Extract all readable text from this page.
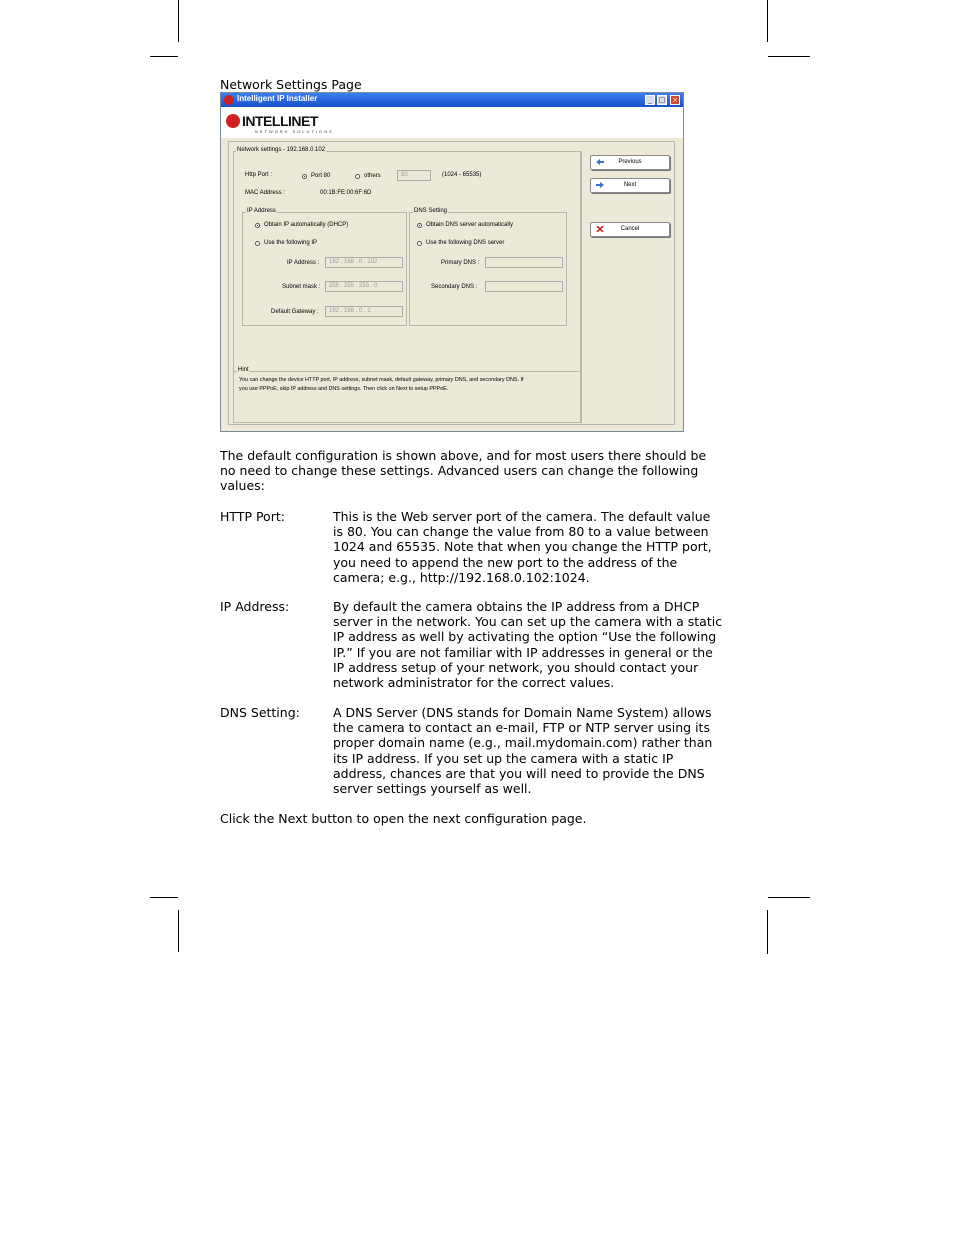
Network Settings Page
Intelligent IP Installer	_ □ ×
INTELLINET
NETWORK SOLUTIONS
Network settings - 192.168.0.102
Http Port :	Port 80	others	80	(1024 - 65535)
MAC Address :	00:1B:FE:00:6F:6D
IP Address
Obtain IP automatically (DHCP)
Use the following IP
IP Address :	192 . 168 . 0 . 102
Subnet mask :	255 . 255 . 255 . 0
Default Gateway :	192 . 168 . 0 . 1
DNS Setting
Obtain DNS server automatically
Use the following DNS server
Primary DNS :
Secondary DNS :
Hint
You can change the device HTTP port, IP address, subnet mask, default gateway, primary DNS, and secondary DNS. If
you use PPPoE, skip IP address and DNS settings. Then click on Next to setup PPPoE.
Previous
Next
Cancel
The default configuration is shown above, and for most users there should be
no need to change these settings. Advanced users can change the following
values:
HTTP Port:	This is the Web server port of the camera. The default value
is 80. You can change the value from 80 to a value between
1024 and 65535. Note that when you change the HTTP port,
you need to append the new port to the address of the
camera; e.g., http://192.168.0.102:1024.
IP Address:	By default the camera obtains the IP address from a DHCP
server in the network. You can set up the camera with a static
IP address as well by activating the option “Use the following
IP.” If you are not familiar with IP addresses in general or the
IP address setup of your network, you should contact your
network administrator for the correct values.
DNS Setting:	A DNS Server (DNS stands for Domain Name System) allows
the camera to contact an e-mail, FTP or NTP server using its
proper domain name (e.g., mail.mydomain.com) rather than
its IP address. If you set up the camera with a static IP
address, chances are that you will need to provide the DNS
server settings yourself as well.
Click the Next button to open the next configuration page.
